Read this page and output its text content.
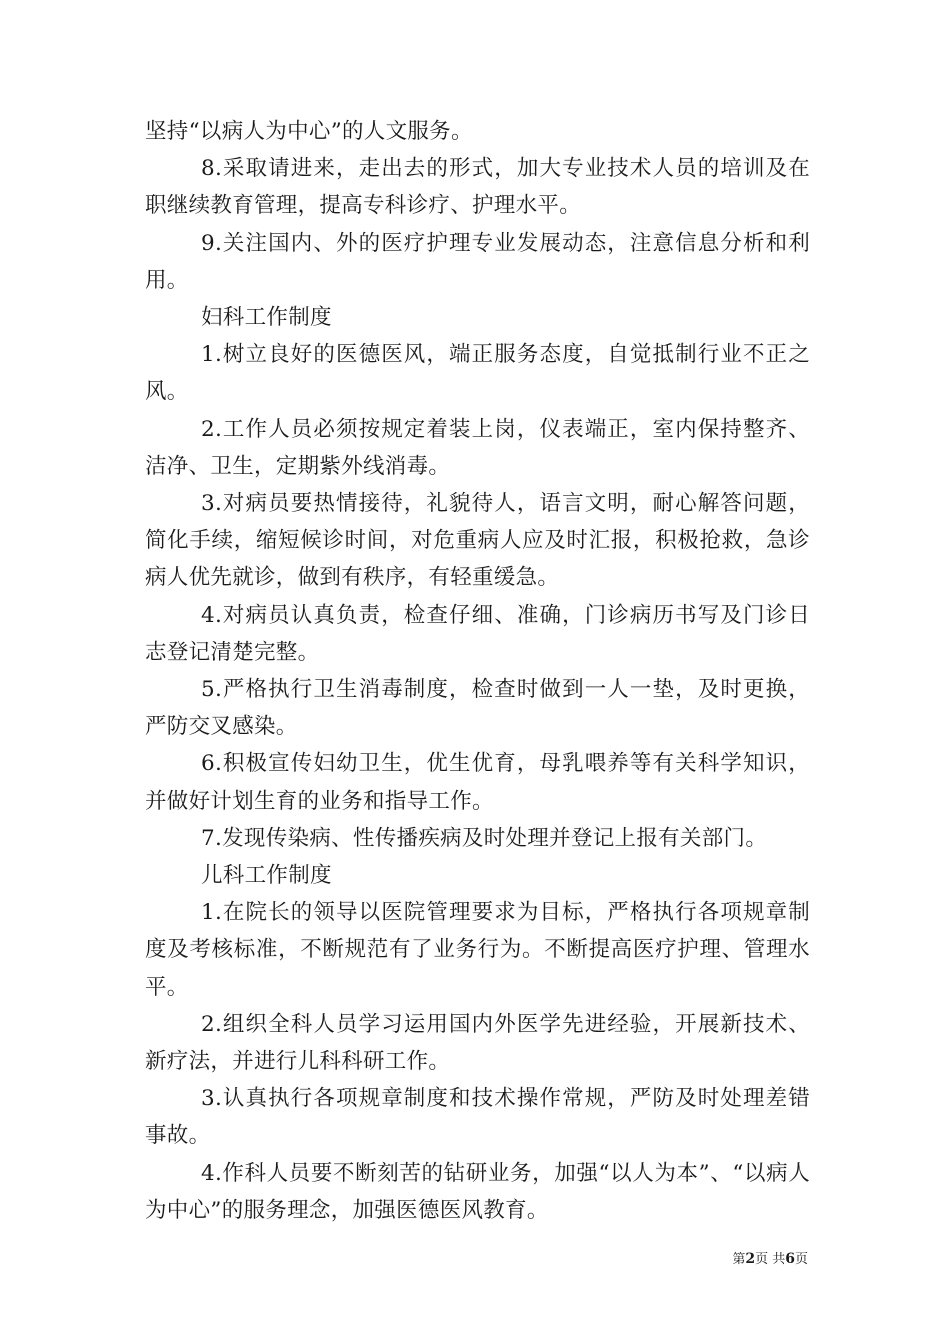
坚持“以病人为中心”的人文服务。

8.采取请进来，走出去的形式，加大专业技术人员的培训及在职继续教育管理，提高专科诊疗、护理水平。

9.关注国内、外的医疗护理专业发展动态，注意信息分析和利用。

妇科工作制度

1.树立良好的医德医风，端正服务态度，自觉抵制行业不正之风。

2.工作人员必须按规定着装上岗，仪表端正，室内保持整齐、洁净、卫生，定期紫外线消毒。

3.对病员要热情接待，礼貌待人，语言文明，耐心解答问题，简化手续，缩短候诊时间，对危重病人应及时汇报，积极抢救，急诊病人优先就诊，做到有秩序，有轻重缓急。

4.对病员认真负责，检查仔细、准确，门诊病历书写及门诊日志登记清楚完整。

5.严格执行卫生消毒制度，检查时做到一人一垫，及时更换，严防交叉感染。

6.积极宣传妇幼卫生，优生优育，母乳喂养等有关科学知识，并做好计划生育的业务和指导工作。

7.发现传染病、性传播疾病及时处理并登记上报有关部门。

儿科工作制度

1.在院长的领导以医院管理要求为目标，严格执行各项规章制度及考核标准，不断规范有了业务行为。不断提高医疗护理、管理水平。

2.组织全科人员学习运用国内外医学先进经验，开展新技术、新疗法，并进行儿科科研工作。

3.认真执行各项规章制度和技术操作常规，严防及时处理差错事故。

4.作科人员要不断刻苦的钻研业务，加强“以人为本”、“以病人为中心”的服务理念，加强医德医风教育。

第2页 共6页
